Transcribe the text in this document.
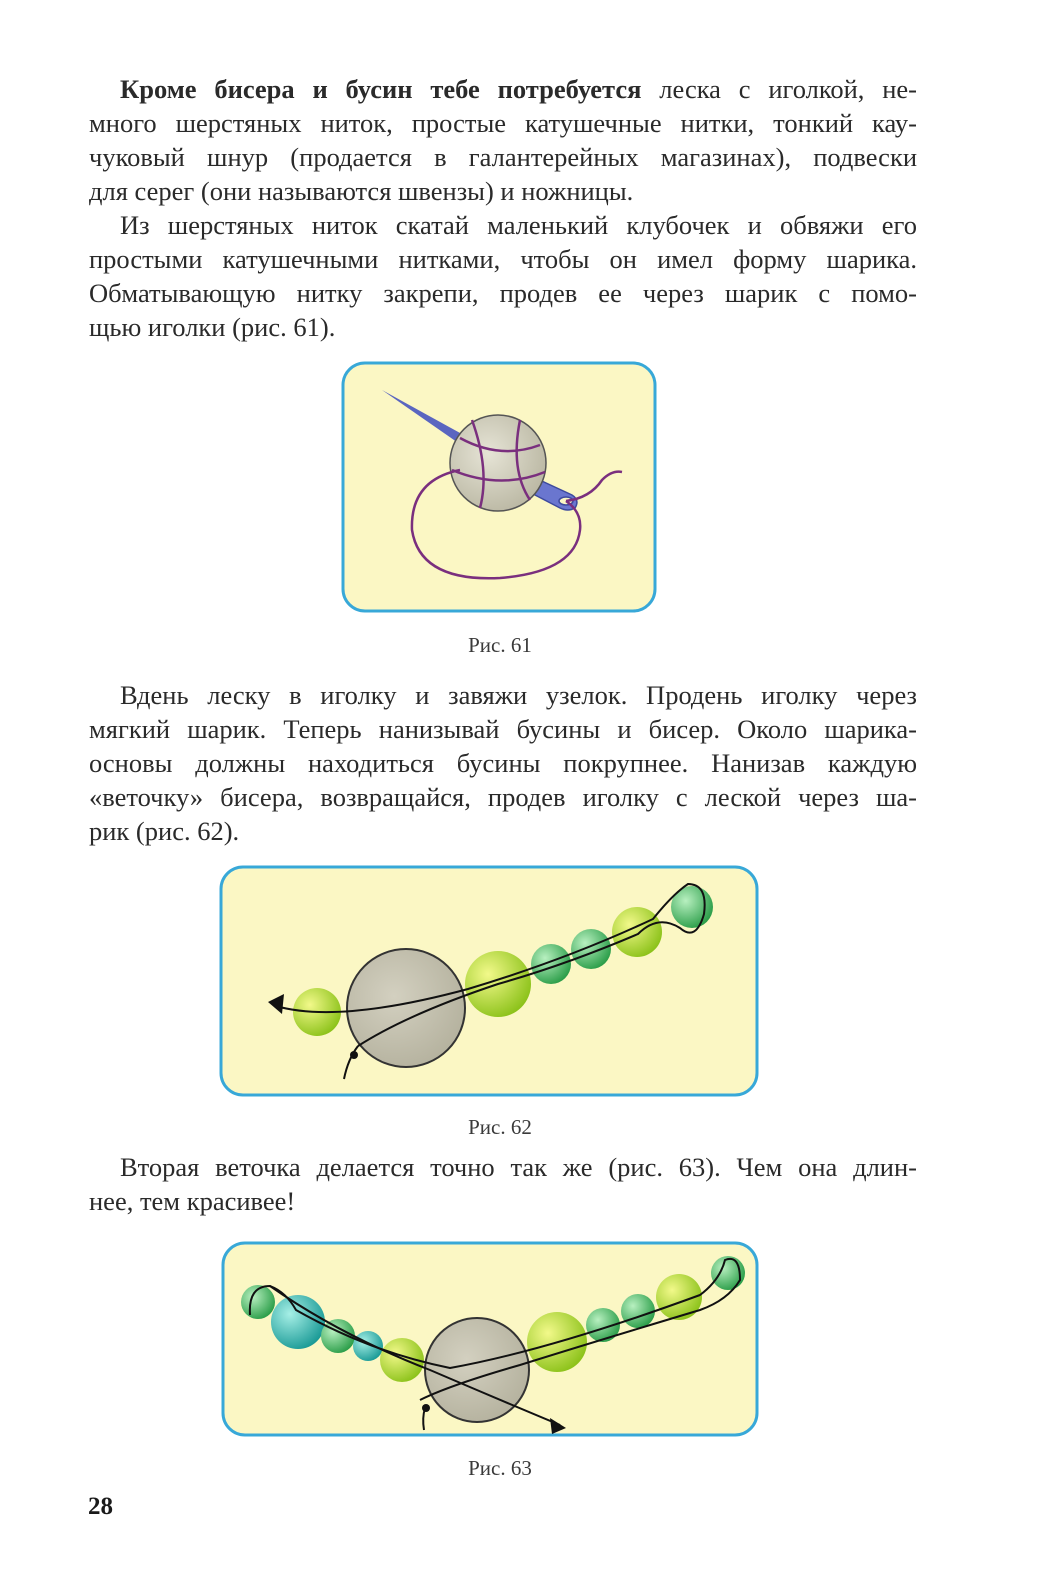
Кроме бисера и бусин тебе потребуется леска с иголкой, не-
много шерстяных ниток, простые катушечные нитки, тонкий кау-
чуковый шнур (продается в галантерейных магазинах), подвески
для серег (они называются швензы) и ножницы.
Из шерстяных ниток скатай маленький клубочек и обвяжи его
простыми катушечными нитками, чтобы он имел форму шарика.
Обматывающую нитку закрепи, продев ее через шарик с помо-
щью иголки (рис. 61).
Рис. 61
Вдень леску в иголку и завяжи узелок. Продень иголку через
мягкий шарик. Теперь нанизывай бусины и бисер. Около шарика-
основы должны находиться бусины покрупнее. Нанизав каждую
«веточку» бисера, возвращайся, продев иголку с леской через ша-
рик (рис. 62).
Рис. 62
Вторая веточка делается точно так же (рис. 63). Чем она длин-
нее, тем красивее!
Рис. 63
28
